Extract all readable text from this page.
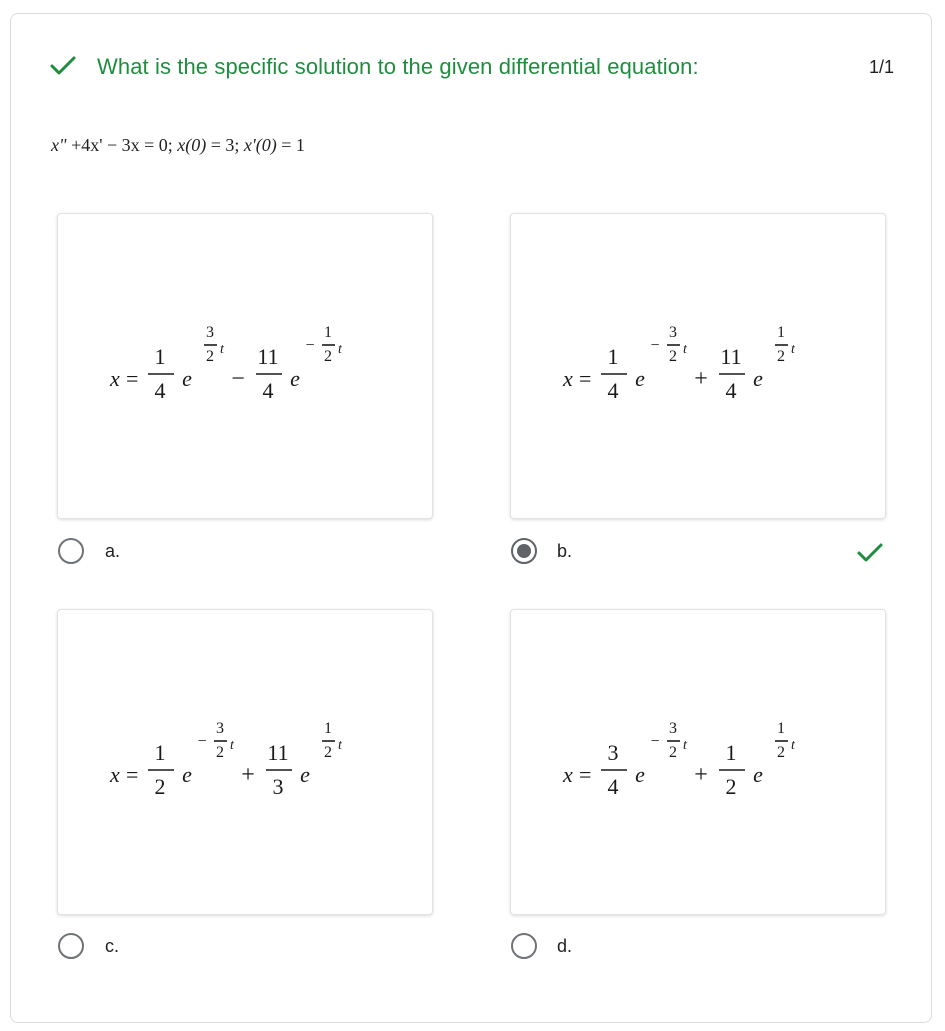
What is the specific solution to the given differential equation:	1/1
x" +4x' − 3x = 0; x(0) = 3; x'(0) = 1
x =
1
4 e
3
2 t
−
11
4 e
−
1
2 t
a.
x =
1
4 e
−
3
2 t
+
11
4 e
1
2 t
b.
x =
1
2 e
−
3
2 t
+
11
3 e
1
2 t
c.
x =
3
4 e
−
3
2 t
+
1
2 e
1
2 t
d.
